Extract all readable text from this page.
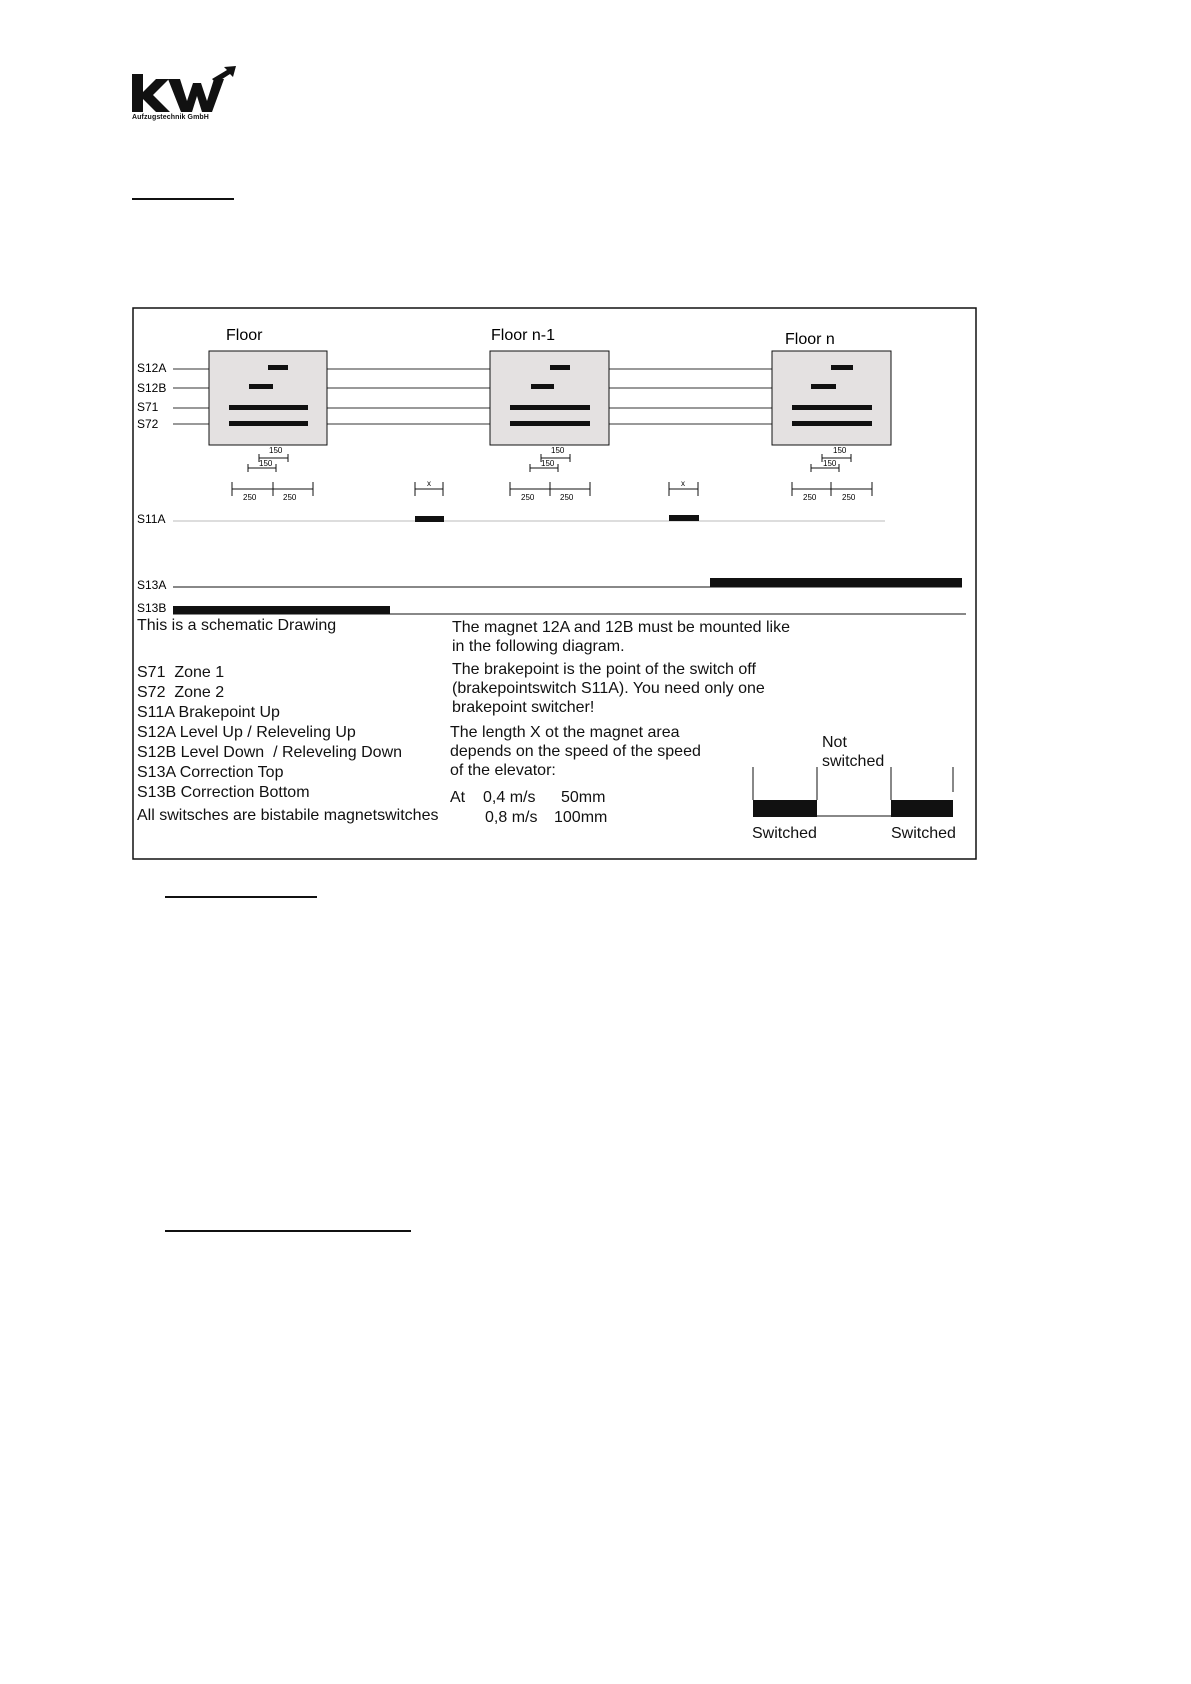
Aufzugstechnik GmbH
Floor	Floor n-1	Floor n
S12A
S12B
S71
S72
S11A
S13A
S13B
150
150
250	250
150
150
250	250
150
150
250	250
x	x
This is a schematic Drawing
S71  Zone 1
S72  Zone 2
S11A Brakepoint Up
S12A Level Up / Releveling Up
S12B Level Down  / Releveling Down
S13A Correction Top
S13B Correction Bottom
All switsches are bistabile magnetswitches
The magnet 12A and 12B must be mounted like
in the following diagram.
The brakepoint is the point of the switch off
(brakepointswitch S11A). You need only one
brakepoint switcher!
The length X ot the magnet area
depends on the speed of the speed
of the elevator:
At 0,4 m/s 50mm
0,8 m/s 100mm
Not
switched
Switched	Switched
